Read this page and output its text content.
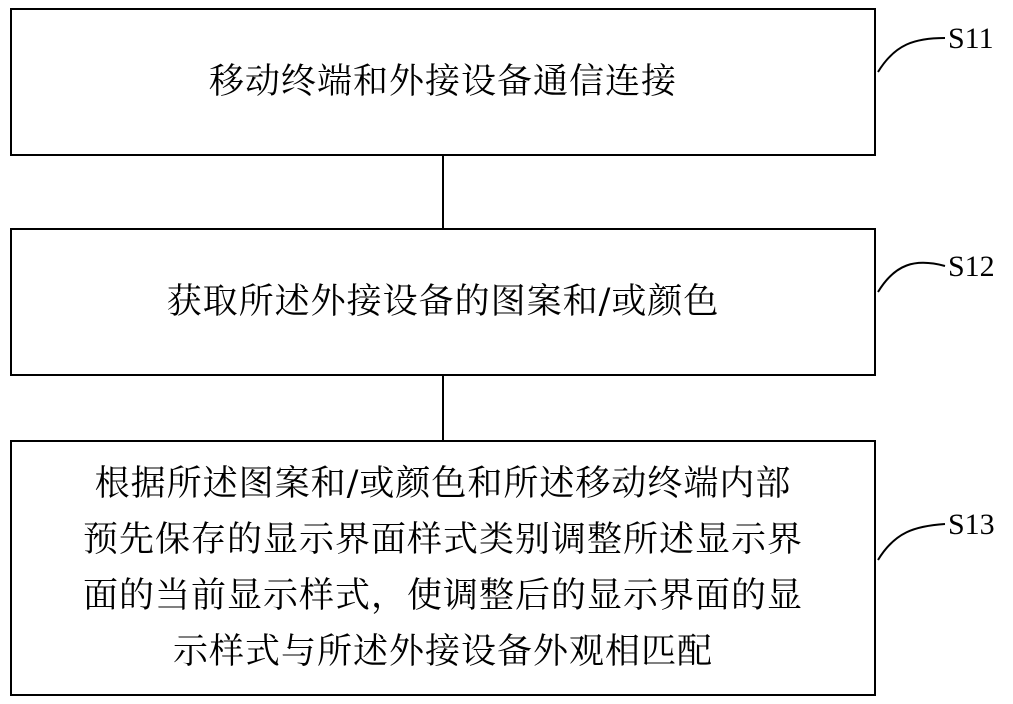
移动终端和外接设备通信连接
获取所述外接设备的图案和/或颜色
根据所述图案和/或颜色和所述移动终端内部
预先保存的显示界面样式类别调整所述显示界
面的当前显示样式，使调整后的显示界面的显
示样式与所述外接设备外观相匹配
S11
S12
S13
